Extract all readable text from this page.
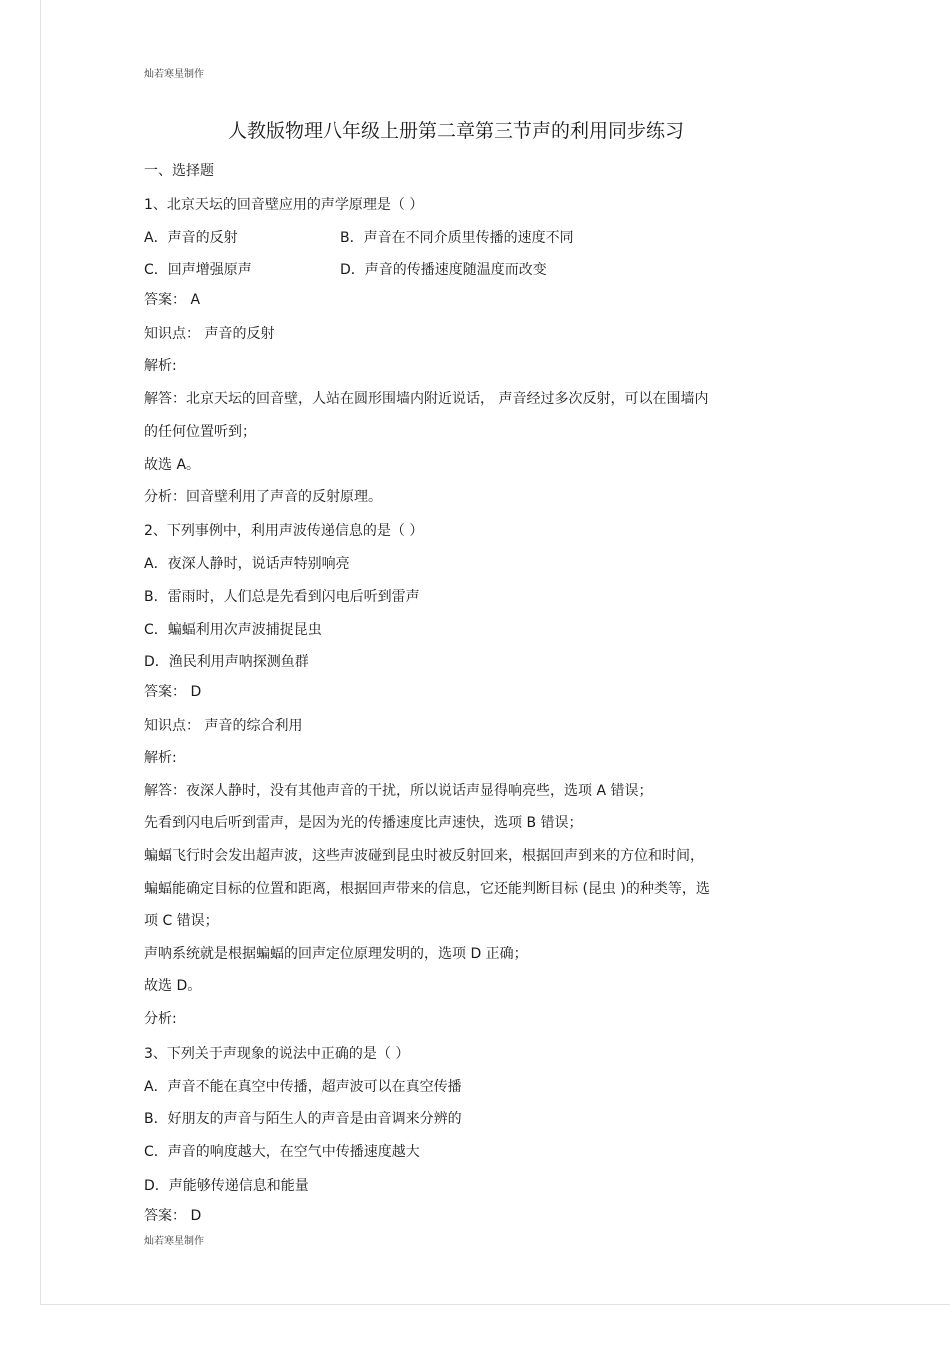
灿若寒星制作
人教版物理八年级上册第二章第三节声的利用同步练习
一、选择题
1、北京天坛的回音壁应用的声学原理是（ ）
A．声音的反射	B．声音在不同介质里传播的速度不同
C．回声增强原声	D．声音的传播速度随温度而改变
答案： A
知识点： 声音的反射
解析:
解答：北京天坛的回音壁，人站在圆形围墙内附近说话， 声音经过多次反射，可以在围墙内
的任何位置听到；
故选 A。
分析：回音壁利用了声音的反射原理。
2、下列事例中，利用声波传递信息的是（ ）
A．夜深人静时，说话声特别响亮
B．雷雨时，人们总是先看到闪电后听到雷声
C．蝙蝠利用次声波捕捉昆虫
D．渔民利用声呐探测鱼群
答案： D
知识点： 声音的综合利用
解析:
解答：夜深人静时，没有其他声音的干扰，所以说话声显得响亮些，选项 A 错误；
先看到闪电后听到雷声，是因为光的传播速度比声速快，选项 B 错误；
蝙蝠飞行时会发出超声波，这些声波碰到昆虫时被反射回来，根据回声到来的方位和时间，
蝙蝠能确定目标的位置和距离，根据回声带来的信息，它还能判断目标 (昆虫 )的种类等，选
项 C 错误；
声呐系统就是根据蝙蝠的回声定位原理发明的，选项 D 正确；
故选 D。
分析:
3、下列关于声现象的说法中正确的是（ ）
A．声音不能在真空中传播，超声波可以在真空传播
B．好朋友的声音与陌生人的声音是由音调来分辨的
C．声音的响度越大，在空气中传播速度越大
D．声能够传递信息和能量
答案： D
灿若寒星制作
